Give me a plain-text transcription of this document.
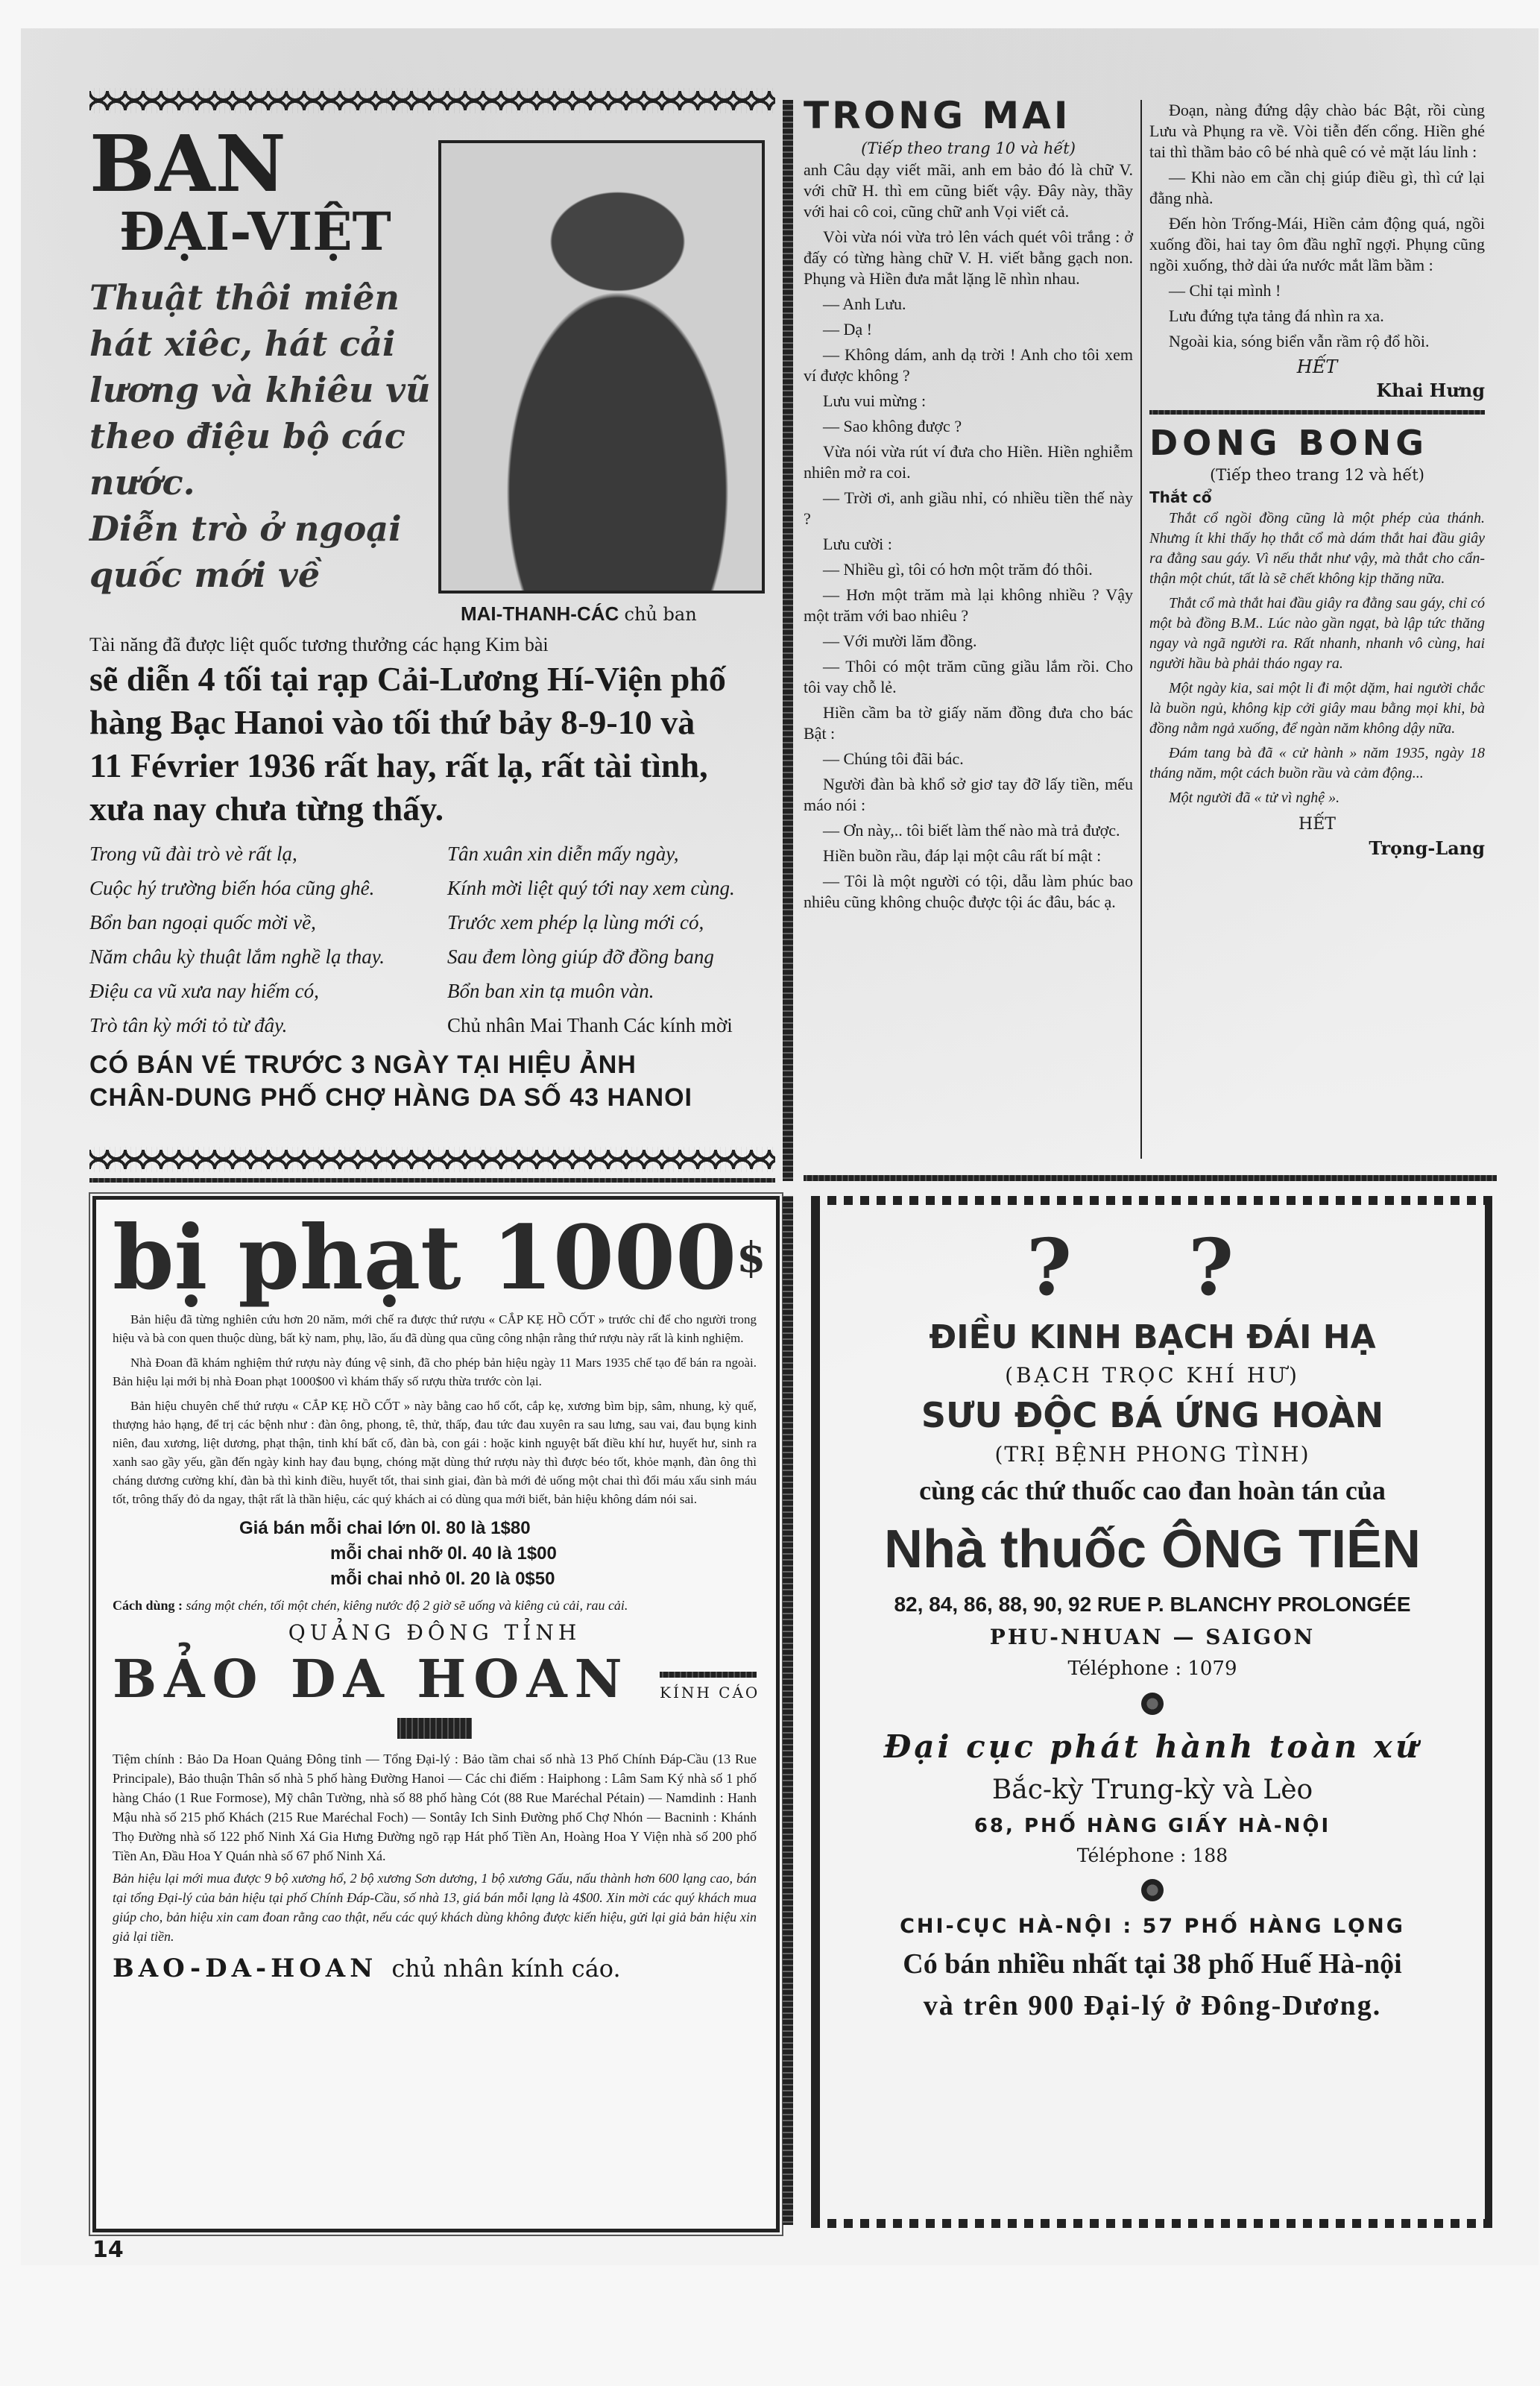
BAN
ĐẠI-VIỆT
Thuật thôi miên
hát xiêc, hát cải
lương và khiêu vũ
theo điệu bộ các
nước.
Diễn trò ở ngoại
quốc mới về
MAI-THANH-CÁC chủ ban
Tài năng đã được liệt quốc tương thưởng các hạng Kim bài
sẽ diễn 4 tối tại rạp Cải-Lương Hí-Viện phố
hàng Bạc Hanoi vào tối thứ bảy 8-9-10 và
11 Février 1936 rất hay, rất lạ, rất tài tình,
xưa nay chưa từng thấy.
Trong vũ đài trò vè rất lạ,
Cuộc hý trường biến hóa cũng ghê.
Bổn ban ngoại quốc mời về,
Năm châu kỳ thuật lắm nghề lạ thay.
Điệu ca vũ xưa nay hiếm có,
Trò tân kỳ mới tỏ từ đây.
Tân xuân xin diễn mấy ngày,
Kính mời liệt quý tới nay xem cùng.
Trước xem phép lạ lùng mới có,
Sau đem lòng giúp đỡ đồng bang
Bổn ban xin tạ muôn vàn.
Chủ nhân Mai Thanh Các kính mời
CÓ BÁN VÉ TRƯỚC 3 NGÀY TẠI HIỆU ẢNH
CHÂN-DUNG PHỐ CHỢ HÀNG DA SỐ 43 HANOI
TRONG MAI
(Tiếp theo trang 10 và hết)

anh Câu dạy viết mãi, anh em bảo đó là chữ V. với chữ H. thì em cũng biết vậy. Đây này, thầy với hai cô coi, cũng chữ anh Vọi viết cả.

Vòi vừa nói vừa trỏ lên vách quét vôi trắng : ở đấy có từng hàng chữ V. H. viết bằng gạch non. Phụng và Hiền đưa mắt lặng lẽ nhìn nhau.

— Anh Lưu.

— Dạ !

— Không dám, anh dạ trời ! Anh cho tôi xem ví được không ?

Lưu vui mừng :

— Sao không được ?

Vừa nói vừa rút ví đưa cho Hiền. Hiền nghiễm nhiên mở ra coi.

— Trời ơi, anh giầu nhỉ, có nhiều tiền thế này ?

Lưu cười :

— Nhiều gì, tôi có hơn một trăm đó thôi.

— Hơn một trăm mà lại không nhiều ? Vậy một trăm với bao nhiêu ?

— Với mười lăm đồng.

— Thôi có một trăm cũng giầu lắm rồi. Cho tôi vay chỗ lẻ.

Hiền cầm ba tờ giấy năm đồng đưa cho bác Bật :

— Chúng tôi đãi bác.

Người đàn bà khổ sở giơ tay đỡ lấy tiền, mếu máo nói :

— Ơn này,.. tôi biết làm thế nào mà trả được.

Hiền buồn rầu, đáp lại một câu rất bí mật :

— Tôi là một người có tội, dẫu làm phúc bao nhiêu cũng không chuộc được tội ác đâu, bác ạ.

Đoạn, nàng đứng dậy chào bác Bật, rồi cùng Lưu và Phụng ra về. Vòi tiễn đến cổng. Hiền ghé tai thì thầm bảo cô bé nhà quê có vẻ mặt láu lỉnh :

— Khi nào em cần chị giúp điều gì, thì cứ lại đằng nhà.

Đến hòn Trống-Mái, Hiền cảm động quá, ngồi xuống đồi, hai tay ôm đầu nghĩ ngợi. Phụng cũng ngồi xuống, thở dài ứa nước mắt lầm bầm :

— Chỉ tại mình !

Lưu đứng tựa tảng đá nhìn ra xa.

Ngoài kia, sóng biển vẫn rầm rộ đổ hồi.

HẾT
Khai Hưng
DONG BONG
(Tiếp theo trang 12 và hết)
Thắt cổ

Thắt cổ ngồi đồng cũng là một phép của thánh. Nhưng ít khi thấy họ thắt cổ mà dám thắt hai đầu giây ra đằng sau gáy. Vì nếu thắt như vậy, mà thắt cho cẩn-thận một chút, tất là sẽ chết không kịp thăng nữa.

Thắt cổ mà thắt hai đầu giây ra đằng sau gáy, chỉ có một bà đồng B.M.. Lúc nào gần ngạt, bà lập tức thăng ngay và ngã người ra. Rất nhanh, nhanh vô cùng, hai người hầu bà phải tháo ngay ra.

Một ngày kia, sai một li đi một dặm, hai người chắc là buồn ngủ, không kịp cởi giây mau bằng mọi khi, bà đồng nằm ngả xuống, để ngàn năm không dậy nữa.

Đám tang bà đã « cử hành » năm 1935, ngày 18 tháng năm, một cách buồn rầu và cảm động...

Một người đã « tử vì nghệ ».

HẾT
Trọng-Lang
bị phạt 1000$

Bản hiệu đã từng nghiên cứu hơn 20 năm, mới chế ra được thứ rượu « CẮP KẸ HỒ CỐT » trước chỉ để cho người trong hiệu và bà con quen thuộc dùng, bất kỳ nam, phụ, lão, ấu đã dùng qua cũng công nhận rằng thứ rượu này rất là kinh nghiệm.

Nhà Đoan đã khám nghiệm thứ rượu này đúng vệ sinh, đã cho phép bản hiệu ngày 11 Mars 1935 chế tạo để bán ra ngoài. Bản hiệu lại mới bị nhà Đoan phạt 1000$00 vì khám thấy số rượu thừa trước còn lại.

Bản hiệu chuyên chế thứ rượu « CẮP KẸ HỒ CỐT » này bằng cao hổ cốt, cắp kẹ, xương bìm bịp, sâm, nhung, kỳ quế, thượng hảo hạng, để trị các bệnh như : đàn ông, phong, tê, thử, thấp, đau tức đau xuyên ra sau lưng, sau vai, đau bụng kinh niên, đau xương, liệt dương, phạt thận, tinh khí bất cố, đàn bà, con gái : hoặc kinh nguyệt bất điều khí hư, huyết hư, sinh ra xanh sao gầy yếu, gần đến ngày kinh hay đau bụng, chóng mặt dùng thứ rượu này thì được béo tốt, khỏe mạnh, đàn ông thì cháng dương cường khí, đàn bà thì kinh điều, huyết tốt, thai sinh giai, đàn bà mới đẻ uống một chai thì đổi máu xấu sinh máu tốt, trông thấy đỏ da ngay, thật rất là thần hiệu, các quý khách ai có dùng qua mới biết, bản hiệu không dám nói sai.

Giá bán mỗi chai lớn 0l. 80 là 1$80
mỗi chai nhỡ 0l. 40 là 1$00
mỗi chai nhỏ 0l. 20 là 0$50
Cách dùng : sáng một chén, tối một chén, kiêng nước độ 2 giờ sẽ uống và kiêng củ cải, rau cải.
QUẢNG ĐÔNG TỈNH
BẢO DA HOAN KÍNH CÁO
Tiệm chính : Bảo Da Hoan Quảng Đông tỉnh — Tổng Đại-lý : Bảo tầm chai số nhà 13 Phố Chính Đáp-Cầu (13 Rue Principale), Bảo thuận Thân số nhà 5 phố hàng Đường Hanoi — Các chi điếm : Haiphong : Lâm Sam Ký nhà số 1 phố hàng Cháo (1 Rue Formose), Mỹ chân Tường, nhà số 88 phố hàng Cót (88 Rue Maréchal Pétain) — Namdinh : Hanh Mậu nhà số 215 phố Khách (215 Rue Maréchal Foch) — Sontây Ich Sinh Đường phố Chợ Nhón — Bacninh : Khánh Thọ Đường nhà số 122 phố Ninh Xá Gia Hưng Đường ngõ rạp Hát phố Tiền An, Hoàng Hoa Y Viện nhà số 200 phố Tiền An, Đầu Hoa Y Quán nhà số 67 phố Ninh Xá.
Bản hiệu lại mới mua được 9 bộ xương hổ, 2 bộ xương Sơn dương, 1 bộ xương Gấu, nấu thành hơn 600 lạng cao, bán tại tổng Đại-lý của bản hiệu tại phố Chính Đáp-Cầu, số nhà 13, giá bán mỗi lạng là 4$00. Xin mời các quý khách mua giúp cho, bản hiệu xin cam đoan rằng cao thật, nếu các quý khách dùng không được kiến hiệu, gửi lại giả bản hiệu xin giả lại tiền.
BAO-DA-HOAN chủ nhân kính cáo.
? ?
ĐIỀU KINH BẠCH ĐÁI HẠ
(BẠCH TRỌC KHÍ HƯ)
SƯU ĐỘC BÁ ỨNG HOÀN
(TRỊ BỆNH PHONG TÌNH)
cùng các thứ thuốc cao đan hoàn tán của
Nhà thuốc ÔNG TIÊN
82, 84, 86, 88, 90, 92 RUE P. BLANCHY PROLONGÉE
PHU-NHUAN — SAIGON
Téléphone : 1079
Đại cục phát hành toàn xứ
Bắc-kỳ Trung-kỳ và Lèo
68, PHỐ HÀNG GIẤY HÀ-NỘI
Téléphone : 188
CHI-CỤC HÀ-NỘI : 57 PHỐ HÀNG LỌNG
Có bán nhiều nhất tại 38 phố Huế Hà-nội
và trên 900 Đại-lý ở Đông-Dương.
14
